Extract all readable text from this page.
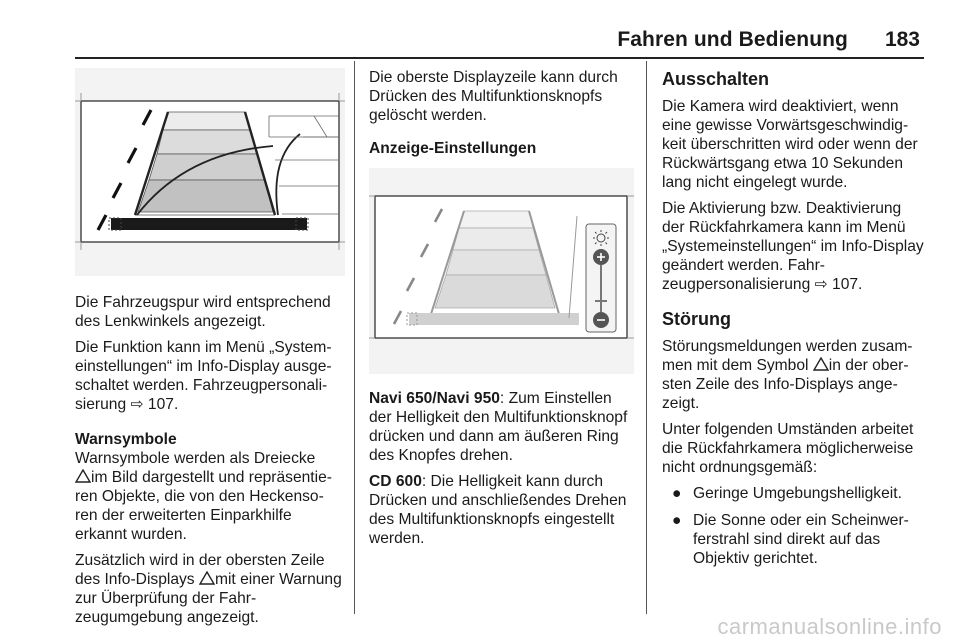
Fahren und Bedienung 183

Die Fahrzeugspur wird entsprechend des Lenkwinkels angezeigt.

Die Funktion kann im Menü „System-einstellungen“ im Info-Display ausge-schaltet werden. Fahrzeugpersonali-sierung ⇨ 107.

Warnsymbole
Warnsymbole werden als Dreiecke
im Bild dargestellt und repräsentie-ren Objekte, die von den Heckenso-ren der erweiterten Einparkhilfe erkannt wurden.

Zusätzlich wird in der obersten Zeile des Info-Displays mit einer Warnung zur Überprüfung der Fahr-zeugumgebung angezeigt.

Die oberste Displayzeile kann durch Drücken des Multifunktionsknopfs gelöscht werden.

Anzeige-Einstellungen

Navi 650/Navi 950: Zum Einstellen der Helligkeit den Multifunktionsknopf drücken und dann am äußeren Ring des Knopfes drehen.

CD 600: Die Helligkeit kann durch Drücken und anschließendes Drehen des Multifunktionsknopfs eingestellt werden.

Ausschalten

Die Kamera wird deaktiviert, wenn eine gewisse Vorwärtsgeschwindig-keit überschritten wird oder wenn der Rückwärtsgang etwa 10 Sekunden lang nicht eingelegt wurde.

Die Aktivierung bzw. Deaktivierung der Rückfahrkamera kann im Menü „Systemeinstellungen“ im Info-Display geändert werden. Fahr-zeugpersonalisierung ⇨ 107.

Störung

Störungsmeldungen werden zusam-men mit dem Symbol in der ober-sten Zeile des Info-Displays ange-zeigt.

Unter folgenden Umständen arbeitet die Rückfahrkamera möglicherweise nicht ordnungsgemäß:

● Geringe Umgebungshelligkeit.
● Die Sonne oder ein Scheinwer-ferstrahl sind direkt auf das Objektiv gerichtet.
carmanualsonline.info
